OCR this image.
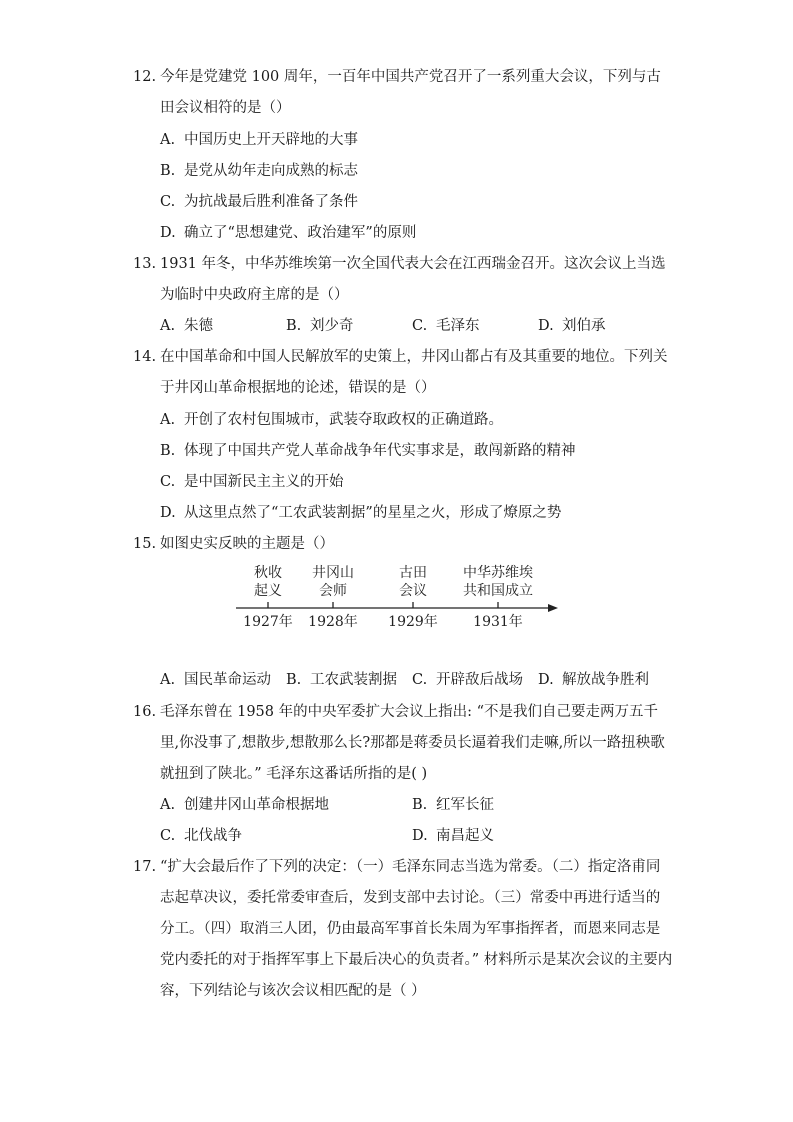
12. 今年是党建党 100 周年，一百年中国共产党召开了一系列重大会议，下列与古田会议相符的是（）
A. 中国历史上开天辟地的大事
B. 是党从幼年走向成熟的标志
C. 为抗战最后胜利准备了条件
D. 确立了“思想建党、政治建军”的原则
13. 1931 年冬，中华苏维埃第一次全国代表大会在江西瑞金召开。这次会议上当选为临时中央政府主席的是（）
A. 朱德	B. 刘少奇	C. 毛泽东	D. 刘伯承
14. 在中国革命和中国人民解放军的史策上，井冈山都占有及其重要的地位。下列关于井冈山革命根据地的论述，错误的是（）
A. 开创了农村包围城市，武装夺取政权的正确道路。
B. 体现了中国共产党人革命战争年代实事求是，敢闯新路的精神
C. 是中国新民主主义的开始
D. 从这里点然了“工农武装割据”的星星之火，形成了燎原之势
15. 如图史实反映的主题是（）
秋收
起义
井冈山
会师
古田
会议
中华苏维埃
共和国成立
1927年 1928年 1929年	1931年
A. 国民革命运动 B. 工农武装割据 C. 开辟敌后战场 D. 解放战争胜利
16. 毛泽东曾在 1958 年的中央军委扩大会议上指出: “不是我们自己要走两万五千里,你没事了,想散步,想散那么长?那都是蒋委员长逼着我们走嘛,所以一路扭秧歌就扭到了陕北。” 毛泽东这番话所指的是( )
A. 创建井冈山革命根据地	B. 红军长征
C. 北伐战争	D. 南昌起义
17. “扩大会最后作了下列的决定：（一）毛泽东同志当选为常委。（二）指定洛甫同志起草决议，委托常委审查后，发到支部中去讨论。（三）常委中再进行适当的分工。（四）取消三人团，仍由最高军事首长朱周为军事指挥者，而恩来同志是党内委托的对于指挥军事上下最后决心的负责者。” 材料所示是某次会议的主要内容，下列结论与该次会议相匹配的是（ ）
